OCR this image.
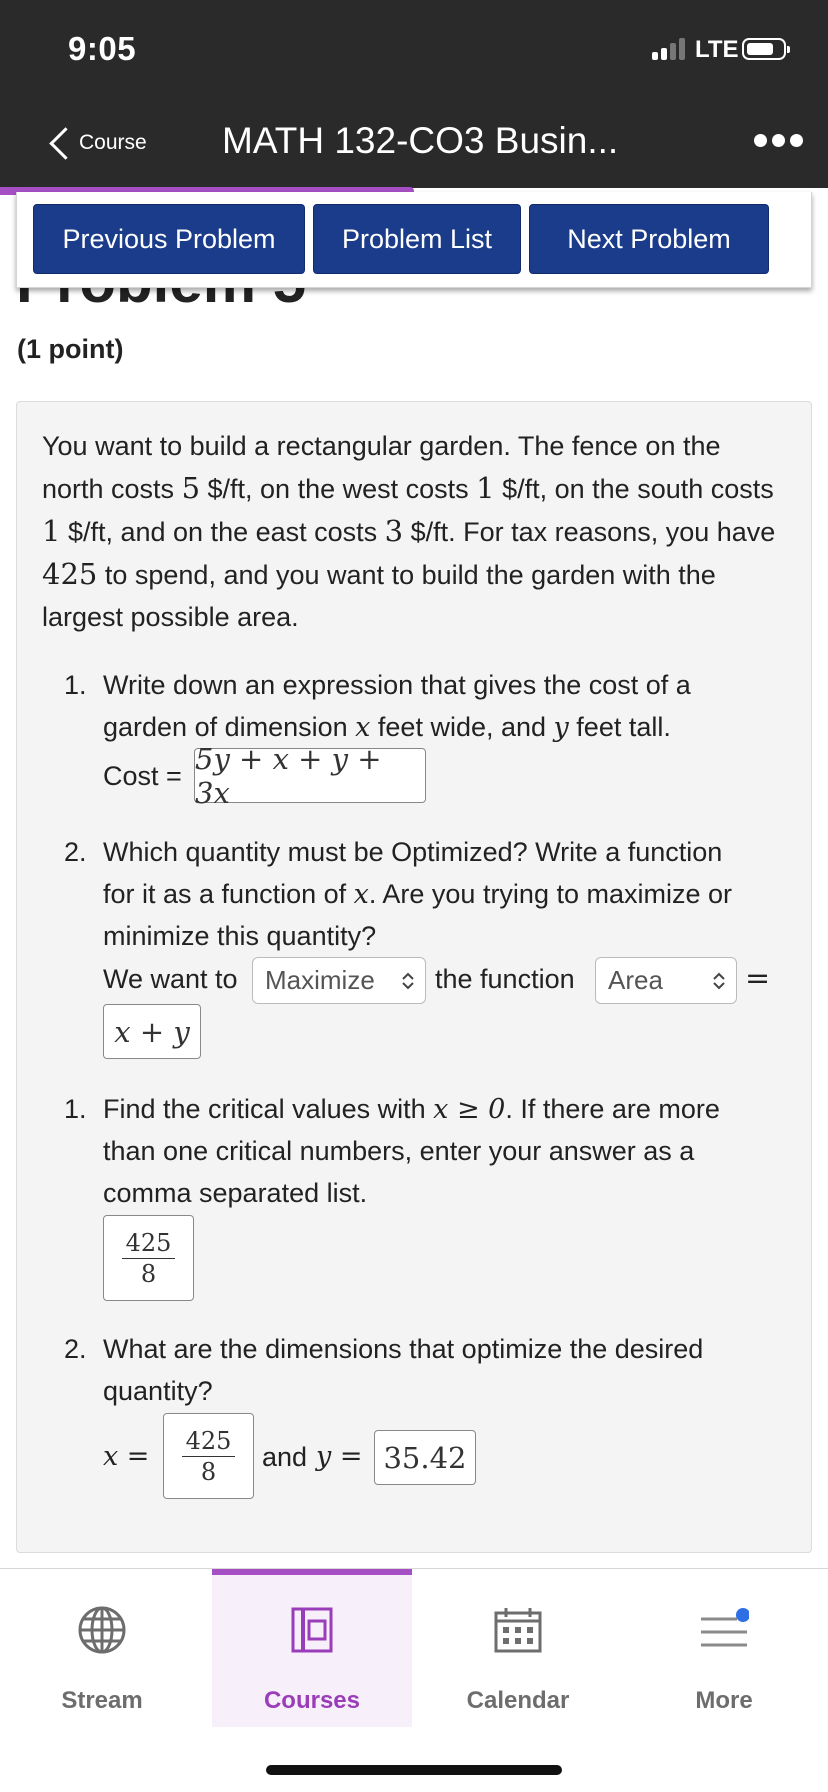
9:05	LTE
Course MATH 132-CO3 Busin...
Previous Problem	Problem List	Next Problem
(1 point)
You want to build a rectangular garden. The fence on the north costs 5 $/ft, on the west costs 1 $/ft, on the south costs 1 $/ft, and on the east costs 3 $/ft. For tax reasons, you have 425 to spend, and you want to build the garden with the largest possible area.
1. Write down an expression that gives the cost of a
garden of dimension x feet wide, and y feet tall.
Cost =
5y + x + y + 3x
2. Which quantity must be Optimized? Write a function
for it as a function of x. Are you trying to maximize or
minimize this quantity?
We want to Maximize the function Area	=
x + y
1. Find the critical values with x ≥ 0. If there are more
than one critical numbers, enter your answer as a
comma separated list.
$\frac{425}{8}$
2. What are the dimensions that optimize the desired
quantity?
$x = \frac{425}{8}$ and y = 35.42
Stream	Courses	Calendar	More
